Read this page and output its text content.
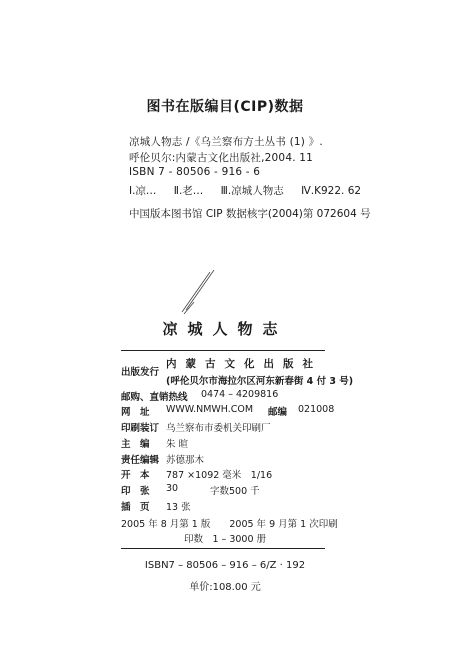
图书在版编目(CIP)数据
凉城人物志 /《乌兰察布方土丛书 (1) 》.
呼伦贝尔:内蒙古文化出版社,2004. 11
ISBN 7 - 80506 - 916 - 6
Ⅰ.凉… Ⅱ.老… Ⅲ.凉城人物志 Ⅳ.K922. 62
中国版本图书馆 CIP 数据核字(2004)第 072604 号
凉城人物志
出版发行
内蒙古文化出版社
(呼伦贝尔市海拉尔区河东新春街 4 付 3 号)
邮购、直销热线 0474 – 4209816
网　址 WWW.NMWH.COM 邮编 021008
印刷装订 乌兰察布市委机关印刷厂
主　编 朱 暄
责任编辑 苏德那木
开　本 787 ×1092 毫米　1/16
印　张 30	字数500 千
插　页 13 张
2005 年 8 月第 1 版　　2005 年 9 月第 1 次印刷
印数　1 – 3000 册
ISBN7 – 80506 – 916 – 6/Z · 192
单价:108.00 元
